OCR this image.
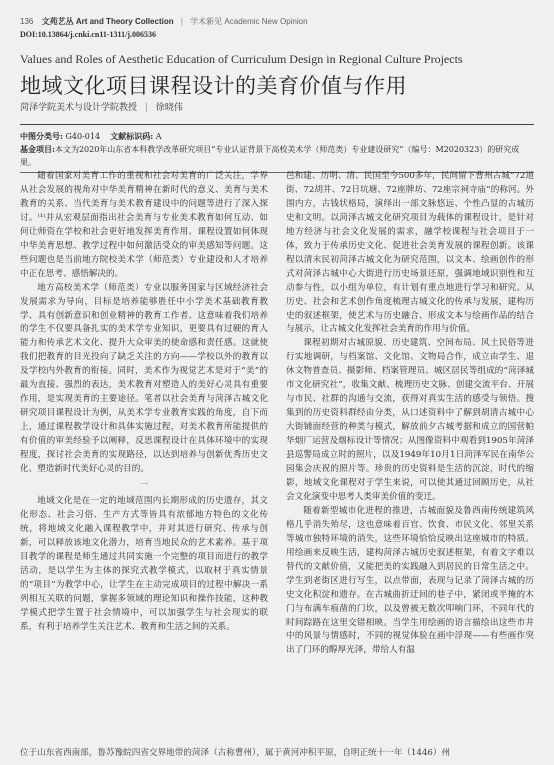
136 文苑艺丛 Art and Theory Collection | 学术新见 Academic New Opinion
DOI:10.13864/j.cnki.cn11-1311/j.006536
Values and Roles of Aesthetic Education of Curriculum Design in Regional Culture Projects
地域文化项目课程设计的美育价值与作用
菏泽学院美术与设计学院教授 | 徐晓伟
中图分类号: G40-014 文献标识码: A
基金项目:本文为2020年山东省本科教学改革研究项目“专业认证背景下高校美术学（师范类）专业建设研究”（编号：M2020323）的研究成果。

随着国家对美育工作的重视和社会对美育的广泛关注，学界从社会发展的视角对中华美育精神在新时代的意义、美育与美术教育的关系、当代美育与美术教育建设中的问题等进行了深入探讨。⁽¹⁾并从宏观层面指出社会美育与专业美术教育如何互动、如何让师资在学校和社会更好地发挥美育作用、课程设置如何体现中华美育思想、教学过程中如何激活受众的审美感知等问题。这些问题也是当前地方院校美术学（师范类）专业建设和人才培养中正在思考、感悟解决的。

地方高校美术学（师范类）专业以服务国家与区域经济社会发展需求为导向，目标是培养能够胜任中小学美术基础教育教学、具有创新意识和创业精神的教育工作者。这意味着我们培养的学生不仅要具备扎实的美术学专业知识，更要具有过硬的育人能力和传承艺术文化、提升大众审美的使命感和责任感。这就使我们把教育的目光投向了缺乏关注的方向——学校以外的教育以及学校内外教育的衔接。同时，美术作为视觉艺术是对于“美”的最为直接、强烈的表达，美术教育对塑造人的美好心灵具有重要作用，是实现美育的主要途径。笔者以社会美育与菏泽古城文化研究项目课程设计为例，从美术学专业教育实践的角度，自下而上，通过课程教学设计和具体实施过程，对美术教育所能提供的有价值的审美经验予以阐释，反思课程设计在具体环境中的实现程度，探讨社会美育的实现路径，以达到培养与创新优秀历史文化、塑造新时代美好心灵的目的。

一

地域文化是在一定的地域范围内长期形成的历史遗存，其文化形态、社会习俗、生产方式等皆具有浓郁地方特色的文化传统，将地域文化融入课程教学中，并对其进行研究、传承与创新，可以释放该地文化潜力，培育当地民众的艺术素养。基于项目教学的课程是师生通过共同实施一个完整的项目而进行的教学活动，是以学生为主体的探究式教学模式，以取材于真实情景的“项目”为教学中心，让学生在主动完成项目的过程中解决一系列相互关联的问题，掌握多领域的理论知识和操作技能，这种教学模式把学生置于社会情境中，可以加强学生与社会现实的联系，有利于培养学生关注艺术、教育和生活之间的关系。

邑和建、历明、清、民国至今500多年，民间留下曹州古城“72道街、72胡井、72日坑塘、72座牌坊、72座宗祠寺庙”的称河。外围内方，古钱状格局，演绎出一部文脉悠远、个性凸显的古城历史和文明。以菏泽古城文化研究项目为载体的课程设计，是针对地方经济与社会文化发展的需求，融学校课程与社会项目于一体，致力于传承历史文化、促进社会美育发展的课程创新。该课程以清末民初菏泽古城文化为研究范围，以文本、绘画创作的形式对菏泽古城中心大街进行历史场景还原，强调地域识别性和互动参与性，以小组为单位，有计划有重点地进行学习和研究。从历史、社会和艺术创作角度梳理古城文化的传承与发展，建构历史的叙述框架，使艺术与历史融合、形成文本与绘画作品的结合与展示，让古城文化发挥社会美育的作用与价值。

课程初期对古城原貌、历史建筑、空间布局、风土民俗等进行实地调研，与档案馆、文化馆、文物局合作，成立由学生、退休文物普查员、摄影师、档案管理员、城区居民等组成的“菏泽城市文化研究社”，收集文献、梳理历史文脉、创建交流平台、开展与市民、社群的沟通与交流，获得对真实生活的感受与领悟。搜集到的历史资料群经由分类，从口述资料中了解到胡清古城中心大街铺面经营的种类与模式，解放前夕古城考据和成立的国营帕华烟厂运营及烟标设计等情况；从图像资料中观看到1905年菏泽县巡警局成立时的照片，以及1949年10月1日菏泽军民在南华公园集会庆祝的照片等。珍贵的历史资料是生活的沉淀，时代的缩影，地域文化课程对于学生来说，可以使其通过回顾历史，从社会文化演变中思考人类审美价值的变迁。

随着新型城市化进程的推进，古城面貌及鲁西南传统建筑风格几乎消失殆尽，这也意味着百官、饮食、市民文化、邻里关系等城市独特环境的消失，这些环境恰恰反映出这座城市的特质。用绘画来反映生活，建构菏泽古城历史叙述框架，有着文字难以替代的文献价值，又能把美的实践融入到居民的日常生活之中。学生到老街区进行写生，以点带面，表现与记录了菏泽古城的历史文化积淀和遗存。在古城曲折迂回的巷子中，紧闭或半掩的木门与布满车痕凿的门坎，以及曾被无数次叩响门环，不同年代的时间踪路在这里交错相映。当学生用绘画的语言描绘出这些市井中的风景与情感时，不同的视觉体验在画中浮现——有些画作突出了门环的醇厚光泽，带给人有温

位于山东省西南部，鲁苏豫皖四省交界地带的菏泽（古称曹州），属于黄河冲积平原，自明正统十一年（1446）州
